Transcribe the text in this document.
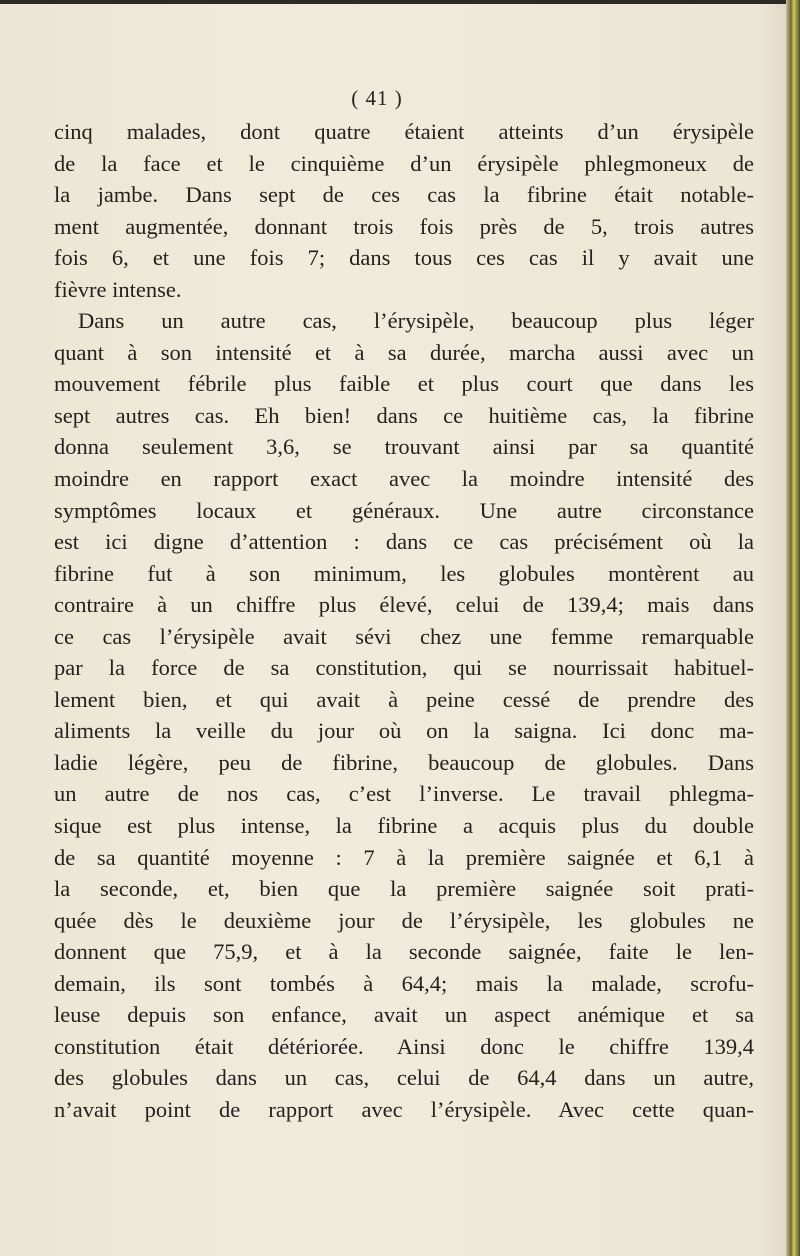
( 41 )
cinq malades, dont quatre étaient atteints d’un érysipèle
de la face et le cinquième d’un érysipèle phlegmoneux de
la jambe. Dans sept de ces cas la fibrine était notable-
ment augmentée, donnant trois fois près de 5, trois autres
fois 6, et une fois 7; dans tous ces cas il y avait une
fièvre intense.
Dans un autre cas, l’érysipèle, beaucoup plus léger
quant à son intensité et à sa durée, marcha aussi avec un
mouvement fébrile plus faible et plus court que dans les
sept autres cas. Eh bien! dans ce huitième cas, la fibrine
donna seulement 3,6, se trouvant ainsi par sa quantité
moindre en rapport exact avec la moindre intensité des
symptômes locaux et généraux. Une autre circonstance
est ici digne d’attention : dans ce cas précisément où la
fibrine fut à son minimum, les globules montèrent au
contraire à un chiffre plus élevé, celui de 139,4; mais dans
ce cas l’érysipèle avait sévi chez une femme remarquable
par la force de sa constitution, qui se nourrissait habituel-
lement bien, et qui avait à peine cessé de prendre des
aliments la veille du jour où on la saigna. Ici donc ma-
ladie légère, peu de fibrine, beaucoup de globules. Dans
un autre de nos cas, c’est l’inverse. Le travail phlegma-
sique est plus intense, la fibrine a acquis plus du double
de sa quantité moyenne : 7 à la première saignée et 6,1 à
la seconde, et, bien que la première saignée soit prati-
quée dès le deuxième jour de l’érysipèle, les globules ne
donnent que 75,9, et à la seconde saignée, faite le len-
demain, ils sont tombés à 64,4; mais la malade, scrofu-
leuse depuis son enfance, avait un aspect anémique et sa
constitution était détériorée. Ainsi donc le chiffre 139,4
des globules dans un cas, celui de 64,4 dans un autre,
n’avait point de rapport avec l’érysipèle. Avec cette quan-
